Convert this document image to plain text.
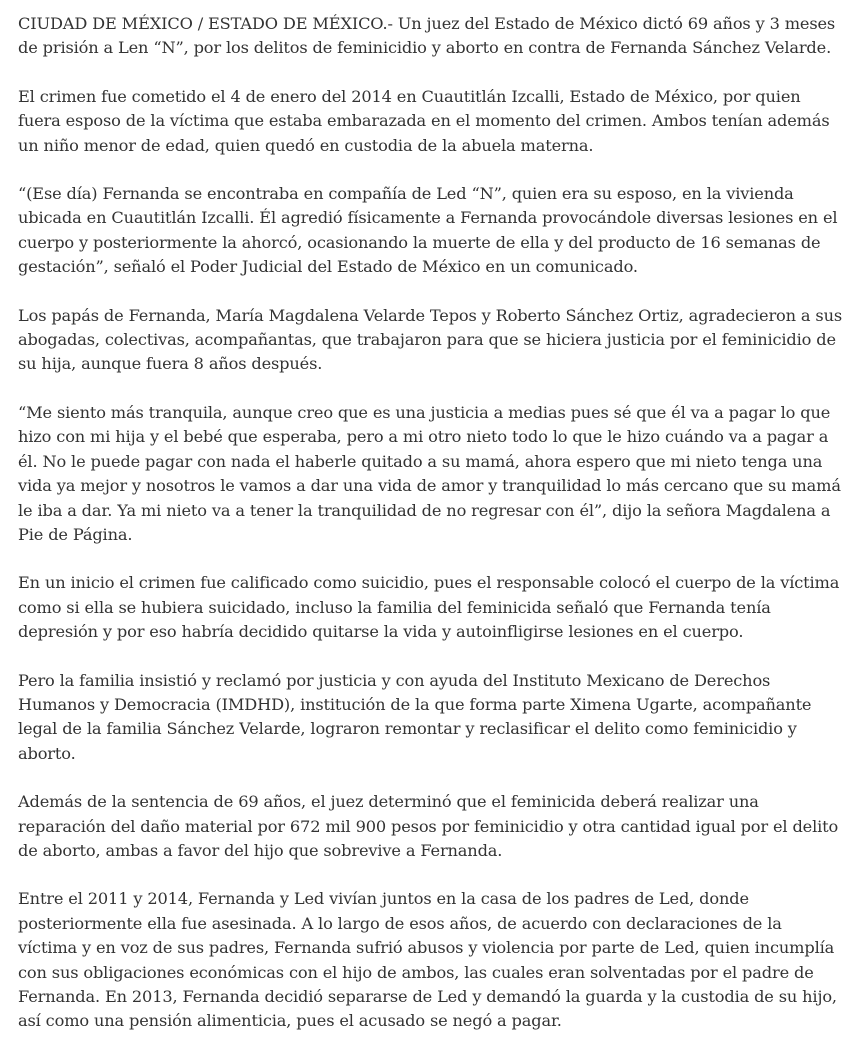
CIUDAD DE MÉXICO / ESTADO DE MÉXICO.- Un juez del Estado de México dictó 69 años y 3 meses de prisión a Len “N”, por los delitos de feminicidio y aborto en contra de Fernanda Sánchez Velarde.

El crimen fue cometido el 4 de enero del 2014 en Cuautitlán Izcalli, Estado de México, por quien fuera esposo de la víctima que estaba embarazada en el momento del crimen. Ambos tenían además un niño menor de edad, quien quedó en custodia de la abuela materna.

“(Ese día) Fernanda se encontraba en compañía de Led “N”, quien era su esposo, en la vivienda ubicada en Cuautitlán Izcalli. Él agredió físicamente a Fernanda provocándole diversas lesiones en el cuerpo y posteriormente la ahorcó, ocasionando la muerte de ella y del producto de 16 semanas de gestación”, señaló el Poder Judicial del Estado de México en un comunicado.

Los papás de Fernanda, María Magdalena Velarde Tepos y Roberto Sánchez Ortiz, agradecieron a sus abogadas, colectivas, acompañantas, que trabajaron para que se hiciera justicia por el feminicidio de su hija, aunque fuera 8 años después.

“Me siento más tranquila, aunque creo que es una justicia a medias pues sé que él va a pagar lo que hizo con mi hija y el bebé que esperaba, pero a mi otro nieto todo lo que le hizo cuándo va a pagar a él. No le puede pagar con nada el haberle quitado a su mamá, ahora espero que mi nieto tenga una vida ya mejor y nosotros le vamos a dar una vida de amor y tranquilidad lo más cercano que su mamá le iba a dar. Ya mi nieto va a tener la tranquilidad de no regresar con él”, dijo la señora Magdalena a Pie de Página.

En un inicio el crimen fue calificado como suicidio, pues el responsable colocó el cuerpo de la víctima como si ella se hubiera suicidado, incluso la familia del feminicida señaló que Fernanda tenía depresión y por eso habría decidido quitarse la vida y autoinfligirse lesiones en el cuerpo.

Pero la familia insistió y reclamó por justicia y con ayuda del Instituto Mexicano de Derechos Humanos y Democracia (IMDHD), institución de la que forma parte Ximena Ugarte, acompañante legal de la familia Sánchez Velarde, lograron remontar y reclasificar el delito como feminicidio y aborto.

Además de la sentencia de 69 años, el juez determinó que el feminicida deberá realizar una reparación del daño material por 672 mil 900 pesos por feminicidio y otra cantidad igual por el delito de aborto, ambas a favor del hijo que sobrevive a Fernanda.

Entre el 2011 y 2014, Fernanda y Led vivían juntos en la casa de los padres de Led, donde posteriormente ella fue asesinada. A lo largo de esos años, de acuerdo con declaraciones de la víctima y en voz de sus padres, Fernanda sufrió abusos y violencia por parte de Led, quien incumplía con sus obligaciones económicas con el hijo de ambos, las cuales eran solventadas por el padre de Fernanda. En 2013, Fernanda decidió separarse de Led y demandó la guarda y la custodia de su hijo, así como una pensión alimenticia, pues el acusado se negó a pagar.
